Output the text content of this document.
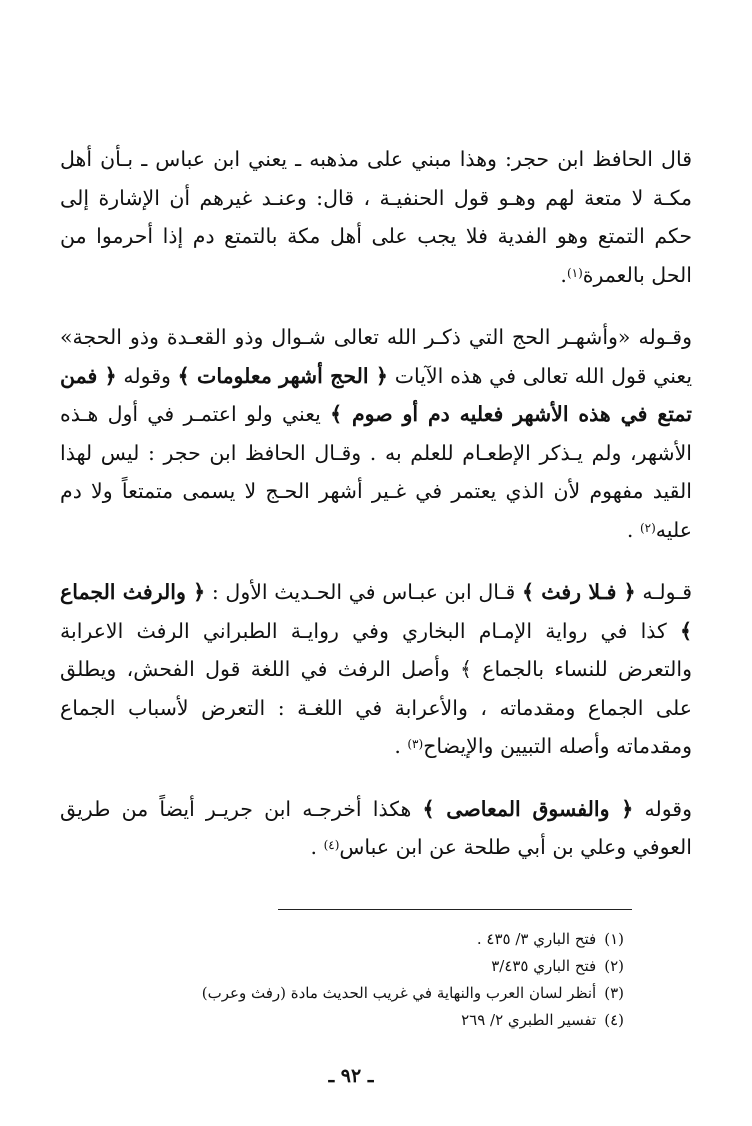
قال الحافظ ابن حجر: وهذا مبني على مذهبه ـ يعني ابن عباس ـ بـأن أهل مكـة لا متعة لهم وهـو قول الحنفيـة ، قال: وعنـد غيرهم أن الإشارة إلى حكم التمتع وهو الفدية فلا يجب على أهل مكة بالتمتع دم إذا أحرموا من الحل بالعمرة$^{(١)}$.

وقـوله «وأشهـر الحج التي ذكـر الله تعالى شـوال وذو القعـدة وذو الحجة» يعني قول الله تعالى في هذه الآيات ﴿ الحج أشهر معلومات ﴾ وقوله ﴿ فمن تمتع في هذه الأشهر فعليه دم أو صوم ﴾ يعني ولو اعتمـر في أول هـذه الأشهر، ولم يـذكر الإطعـام للعلم به . وقـال الحافظ ابن حجر : ليس لهذا القيد مفهوم لأن الذي يعتمر في غـير أشهر الحـج لا يسمى متمتعاً ولا دم عليه$^{(٢)}$ .

قـولـه ﴿ فـلا رفث ﴾ قـال ابن عبـاس في الحـديث الأول : ﴿ والرفث الجماع ﴾ كذا في رواية الإمـام البخاري وفي روايـة الطبراني الرفث الاعرابة والتعرض للنساء بالجماع ﴾ وأصل الرفث في اللغة قول الفحش، ويطلق على الجماع ومقدماته ، والأعرابة في اللغـة : التعرض لأسباب الجماع ومقدماته وأصله التبيين والإيضاح$^{(٣)}$ .

وقوله ﴿ والفسوق المعاصى ﴾ هكذا أخرجـه ابن جريـر أيضاً من طريق العوفي وعلي بن أبي طلحة عن ابن عباس$^{(٤)}$ .

(١)فتح الباري ٣/ ٤٣٥ .
(٢)فتح الباري ٣/٤٣٥
(٣)أنظر لسان العرب والنهاية في غريب الحديث مادة (رفث وعرب)
(٤)تفسير الطبري ٢/ ٢٦٩
ـ ٩٢ ـ
